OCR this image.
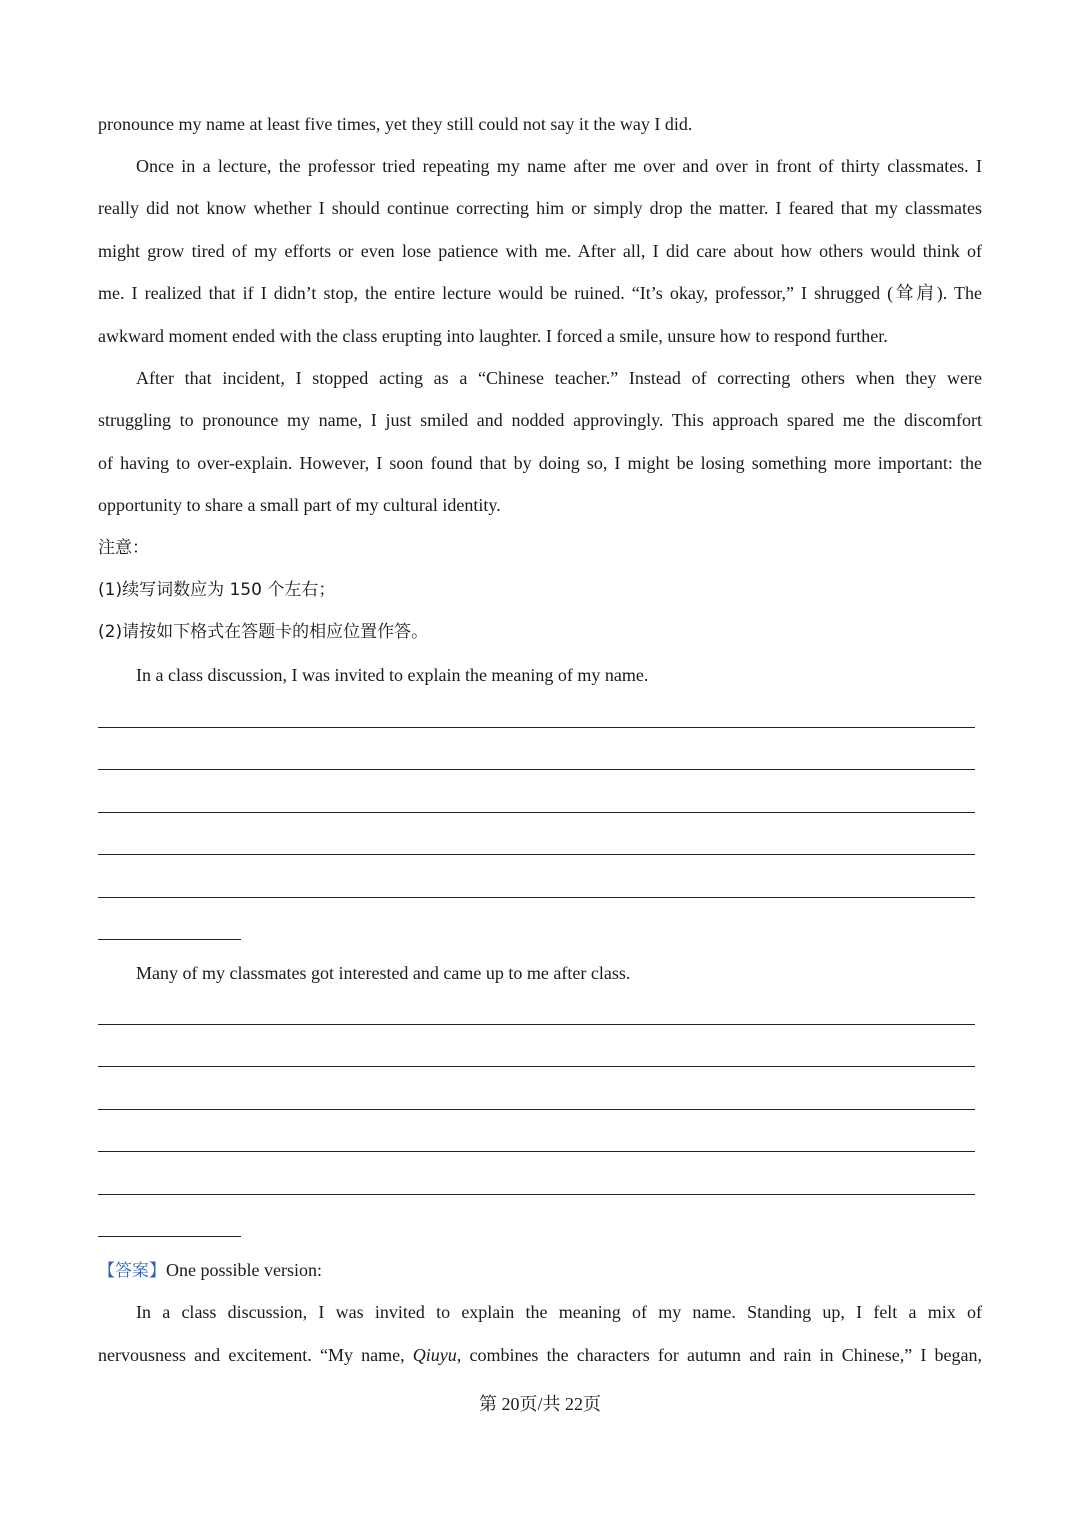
pronounce my name at least five times, yet they still could not say it the way I did.

Once in a lecture, the professor tried repeating my name after me over and over in front of thirty classmates. I

really did not know whether I should continue correcting him or simply drop the matter. I feared that my classmates

might grow tired of my efforts or even lose patience with me. After all, I did care about how others would think of

me. I realized that if I didn’t stop, the entire lecture would be ruined. “It’s okay, professor,” I shrugged (耸肩). The

awkward moment ended with the class erupting into laughter. I forced a smile, unsure how to respond further.

After that incident, I stopped acting as a “Chinese teacher.” Instead of correcting others when they were

struggling to pronounce my name, I just smiled and nodded approvingly. This approach spared me the discomfort

of having to over-explain. However, I soon found that by doing so, I might be losing something more important: the

opportunity to share a small part of my cultural identity.

注意：

(1)续写词数应为 150 个左右；

(2)请按如下格式在答题卡的相应位置作答。

In a class discussion, I was invited to explain the meaning of my name.

Many of my classmates got interested and came up to me after class.

【答案】One possible version:

In a class discussion, I was invited to explain the meaning of my name. Standing up, I felt a mix of

nervousness and excitement. “My name, Qiuyu, combines the characters for autumn and rain in Chinese,” I began,

第 20页/共 22页
